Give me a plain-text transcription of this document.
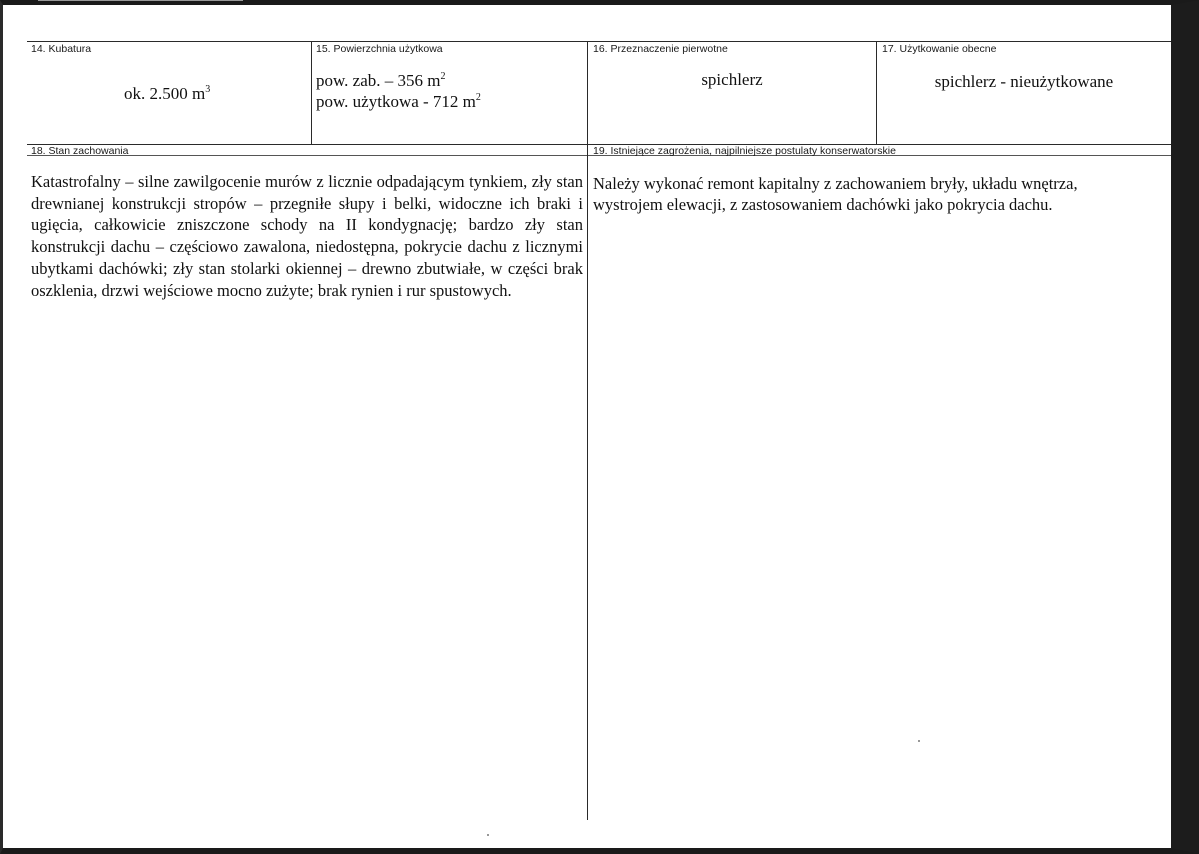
14. Kubatura
ok. 2.500 $m^3$
15. Powierzchnia użytkowa
pow. zab. – 356 $m^2$
pow. użytkowa - 712 $m^2$
16. Przeznaczenie pierwotne
spichlerz
17. Użytkowanie obecne
spichlerz - nieużytkowane
18. Stan zachowania
Katastrofalny – silne zawilgocenie murów z licznie odpadającym tynkiem, zły stan drewnianej konstrukcji stropów – przegniłe słupy i belki, widoczne ich braki i ugięcia, całkowicie zniszczone schody na II kondygnację; bardzo zły stan konstrukcji dachu – częściowo zawalona, niedostępna, pokrycie dachu z licznymi ubytkami dachówki; zły stan stolarki okiennej – drewno zbutwiałe, w części brak oszklenia, drzwi wejściowe mocno zużyte; brak rynien i rur spustowych.
19. Istniejące zagrożenia, najpilniejsze postulaty konserwatorskie
Należy wykonać remont kapitalny z zachowaniem bryły, układu wnętrza,
wystrojem elewacji, z zastosowaniem dachówki jako pokrycia dachu.
